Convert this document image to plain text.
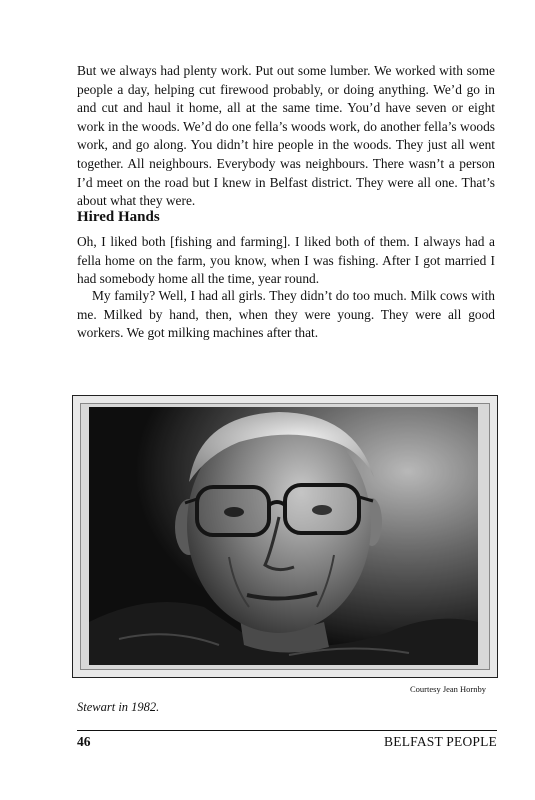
But we always had plenty work. Put out some lumber. We worked with some people a day, helping cut firewood probably, or doing anything. We’d go in and cut and haul it home, all at the same time. You’d have seven or eight work in the woods. We’d do one fella’s woods work, do another fella’s woods work, and go along. You didn’t hire people in the woods. They just all went together. All neighbours. Everybody was neighbours. There wasn’t a person I’d meet on the road but I knew in Belfast district. They were all one. That’s about what they were.

Hired Hands

Oh, I liked both [fishing and farming]. I liked both of them. I always had a fella home on the farm, you know, when I was fishing. After I got married I had somebody home all the time, year round.

My family? Well, I had all girls. They didn’t do too much. Milk cows with me. Milked by hand, then, when they were young. They were all good workers. We got milking machines after that.

Courtesy Jean Hornby
Stewart in 1982.
46	BELFAST PEOPLE
